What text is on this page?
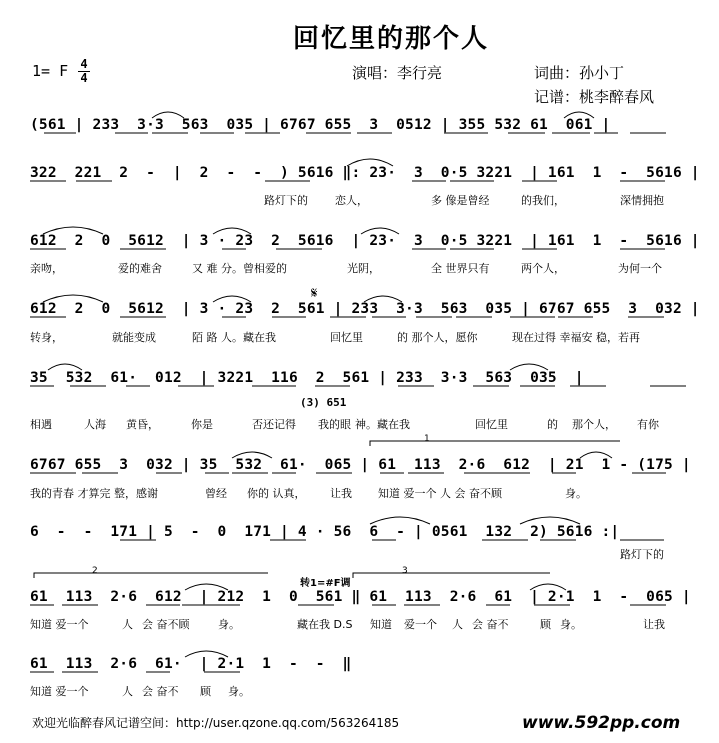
回忆里的那个人
1= F 4
4	演唱：李行亮	词曲：孙小丁
记谱：桃李醉春风
(561 | 233  3·3  563  035 | 6767 655  3  0512 | 355 532 61  061 |
322  221  2  -  |  2  -  -  ) 5616 ‖: 23·  3  0·5 3221  | 161  1  -  5616 |
路灯下的 恋人，	多 像是曾经	的我们，	深情拥抱
612  2  0  5612  | 3 · 23  2  5616  | 23·  3  0·5 3221  | 161  1  -  5616 |
亲吻，	爱的难舍	又 难 分。曾相爱的	光阴，	全 世界只有	两个人，	为何一个
612  2  0  5612  | 3 · 23  2  561 | 233  3·3  563  035 | 6767 655  3  032 |
转身，	就能变成	陌 路 人。藏在我	回忆里	的 那个人，愿你	现在过得 幸福安 稳，若再
35  532  61·  012  | 3221  116  2  561 | 233  3·3  563  035  |
相遇	人海 黄昏，	你是	否还记得 我的眼 神。藏在我	回忆里	的 那个人， 有你
(3) 651
6767 655  3  032 | 35  532  61·  065 | 61  113  2·6  612  | 21  1 - (175 |
我的青春 才算完 整，感谢	曾经 你的 认真， 让我 知道 爱一个 人 会 奋不顾	身。
6  -  -  171 | 5  -  0  171 | 4 · 56  6  - | 0561  132  2) 5616 :|
路灯下的
61  113  2·6  612  | 212  1  0  561 ‖ 61  113  2·6  61  | 2·1  1  -  065 |
知道 爱一个	人 会 奋不顾	身。	藏在我 D.S 知道 爱一个 人 会 奋不	顾 身。	让我
转1=#F调
61  113  2·6  61·  | 2·1  1  -  -  ‖
知道 爱一个	人 会 奋不 顾 身。
𝄋
1
2	3
欢迎光临醉春风记谱空间：http://user.qzone.qq.com/563264185	www.592pp.com
